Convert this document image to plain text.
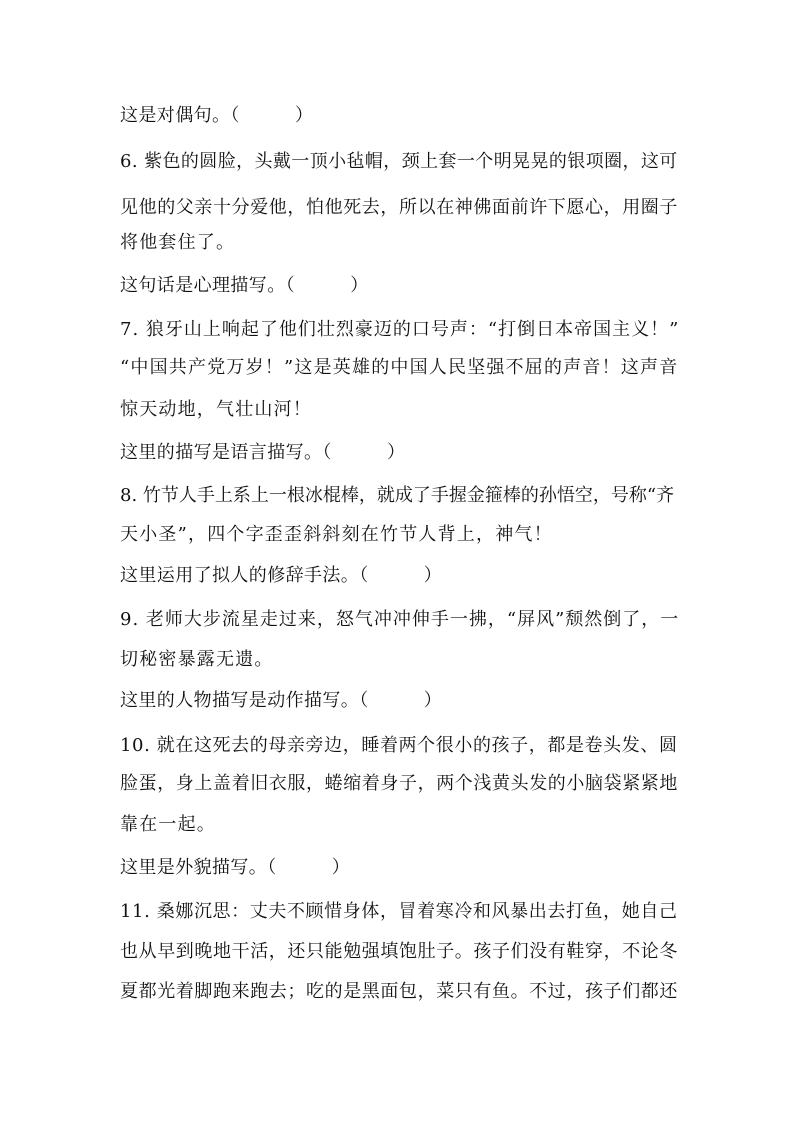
这是对偶句。（　　　）
6. 紫色的圆脸，头戴一顶小毡帽，颈上套一个明晃晃的银项圈，这可
见他的父亲十分爱他，怕他死去，所以在神佛面前许下愿心，用圈子
将他套住了。
这句话是心理描写。（　　　）
7. 狼牙山上响起了他们壮烈豪迈的口号声：“打倒日本帝国主义！”
“中国共产党万岁！”这是英雄的中国人民坚强不屈的声音！这声音
惊天动地，气壮山河！
这里的描写是语言描写。（　　　）
8. 竹节人手上系上一根冰棍棒，就成了手握金箍棒的孙悟空，号称“齐
天小圣”，四个字歪歪斜斜刻在竹节人背上，神气！
这里运用了拟人的修辞手法。（　　　）
9. 老师大步流星走过来，怒气冲冲伸手一拂，“屏风”颓然倒了，一
切秘密暴露无遗。
这里的人物描写是动作描写。（　　　）
10. 就在这死去的母亲旁边，睡着两个很小的孩子，都是卷头发、圆
脸蛋，身上盖着旧衣服，蜷缩着身子，两个浅黄头发的小脑袋紧紧地
靠在一起。
这里是外貌描写。（　　　）
11. 桑娜沉思：丈夫不顾惜身体，冒着寒冷和风暴出去打鱼，她自己
也从早到晚地干活，还只能勉强填饱肚子。孩子们没有鞋穿，不论冬
夏都光着脚跑来跑去；吃的是黑面包，菜只有鱼。不过，孩子们都还
